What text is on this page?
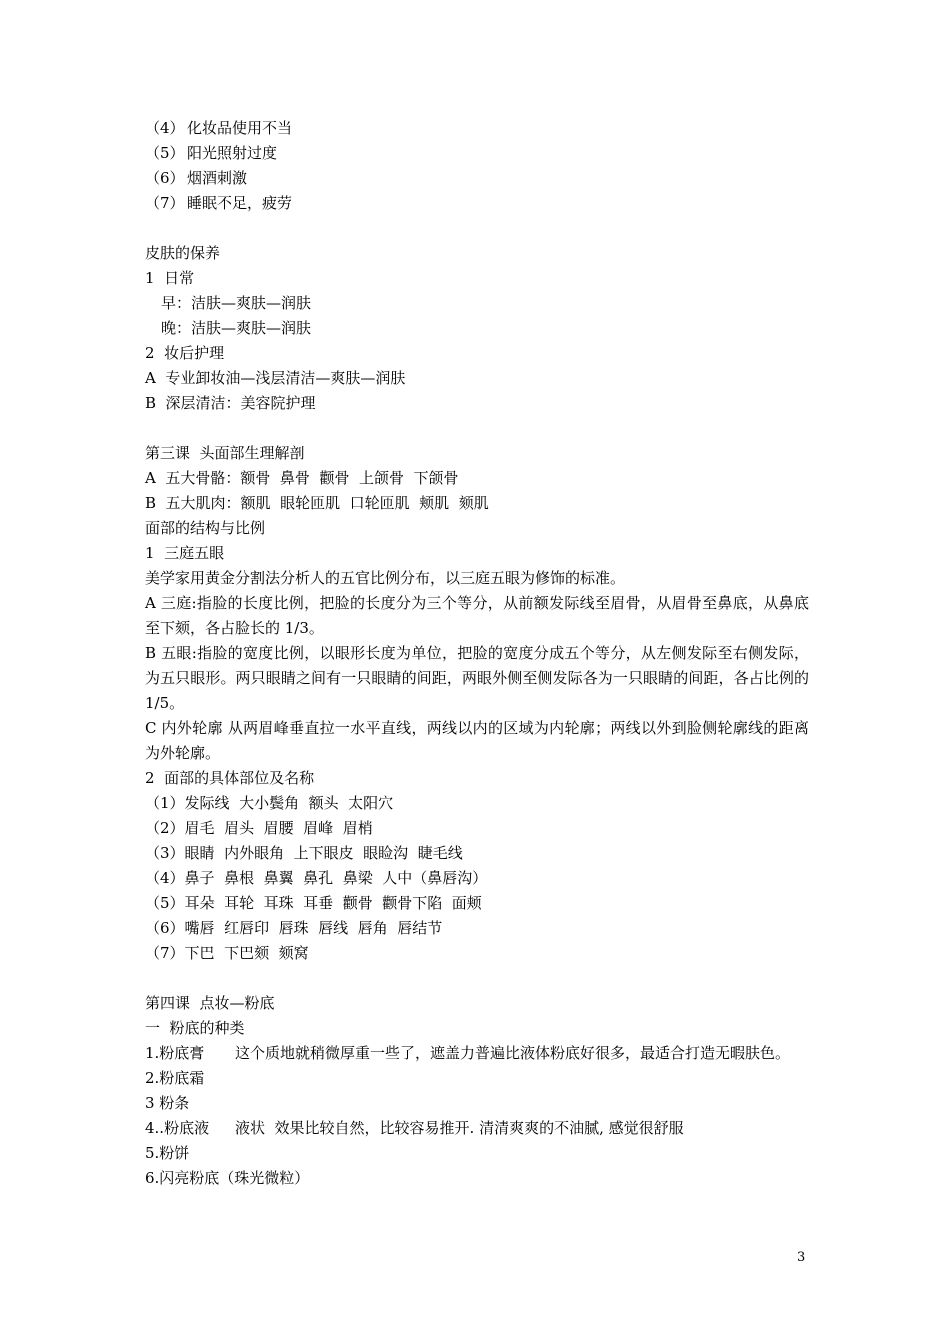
（4） 化妆品使用不当
（5） 阳光照射过度
（6） 烟酒刺激
（7） 睡眠不足，疲劳
皮肤的保养
1  日常
早：洁肤—爽肤—润肤
晚：洁肤—爽肤—润肤
2  妆后护理
A  专业卸妆油—浅层清洁—爽肤—润肤
B  深层清洁：美容院护理
第三课  头面部生理解剖
A  五大骨骼：额骨  鼻骨  颧骨  上颌骨  下颌骨
B  五大肌肉：额肌  眼轮匝肌  口轮匝肌  颊肌  颏肌
面部的结构与比例
1  三庭五眼
美学家用黄金分割法分析人的五官比例分布，以三庭五眼为修饰的标准。
A 三庭:指脸的长度比例，把脸的长度分为三个等分，从前额发际线至眉骨，从眉骨至鼻底，从鼻底至下颏，各占脸长的 1/3。
B 五眼:指脸的宽度比例，以眼形长度为单位，把脸的宽度分成五个等分，从左侧发际至右侧发际，为五只眼形。两只眼睛之间有一只眼睛的间距，两眼外侧至侧发际各为一只眼睛的间距，各占比例的 1/5。
C 内外轮廓 从两眉峰垂直拉一水平直线，两线以内的区域为内轮廓；两线以外到脸侧轮廓线的距离为外轮廓。
2  面部的具体部位及名称
（1）发际线  大小鬓角  额头  太阳穴
（2）眉毛  眉头  眉腰  眉峰  眉梢
（3）眼睛  内外眼角  上下眼皮  眼睑沟  睫毛线
（4）鼻子  鼻根  鼻翼  鼻孔  鼻梁  人中（鼻唇沟）
（5）耳朵  耳轮  耳珠  耳垂  颧骨  颧骨下陷  面颊
（6）嘴唇  红唇印  唇珠  唇线  唇角  唇结节
（7）下巴  下巴颏  颏窝
第四课  点妆—粉底
一  粉底的种类
1.粉底膏 这个质地就稍微厚重一些了，遮盖力普遍比液体粉底好很多，最适合打造无暇肤色。
2.粉底霜
3 粉条
4..粉底液 液状  效果比较自然，比较容易推开. 清清爽爽的不油腻, 感觉很舒服
5.粉饼
6.闪亮粉底（珠光微粒）
3
